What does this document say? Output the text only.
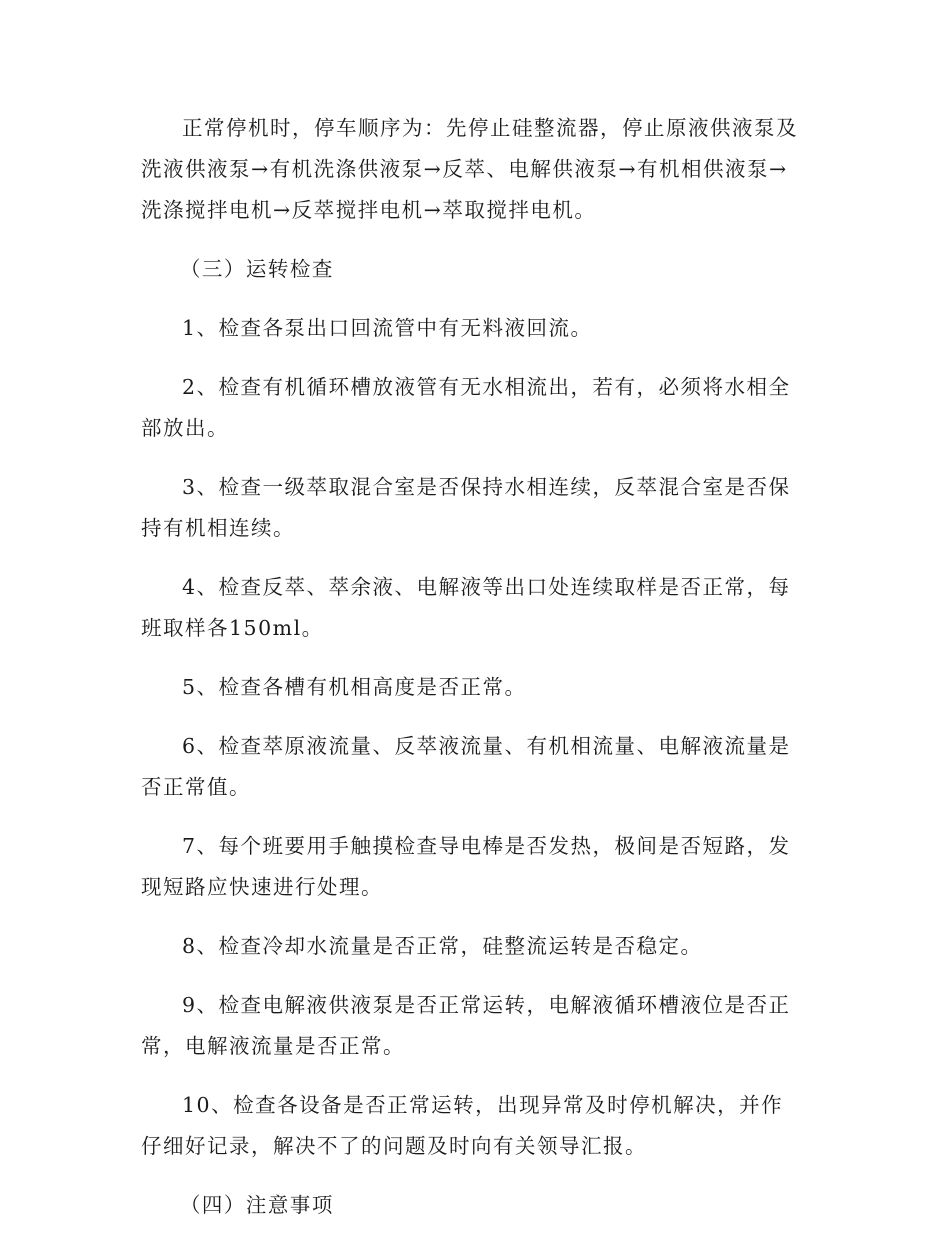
正常停机时，停车顺序为：先停止硅整流器，停止原液供液泵及洗液供液泵→有机洗涤供液泵→反萃、电解供液泵→有机相供液泵→洗涤搅拌电机→反萃搅拌电机→萃取搅拌电机。

（三）运转检查

1、检查各泵出口回流管中有无料液回流。

2、检查有机循环槽放液管有无水相流出，若有，必须将水相全部放出。

3、检查一级萃取混合室是否保持水相连续，反萃混合室是否保持有机相连续。

4、检查反萃、萃余液、电解液等出口处连续取样是否正常，每班取样各150ml。

5、检查各槽有机相高度是否正常。

6、检查萃原液流量、反萃液流量、有机相流量、电解液流量是否正常值。

7、每个班要用手触摸检查导电棒是否发热，极间是否短路，发现短路应快速进行处理。

8、检查冷却水流量是否正常，硅整流运转是否稳定。

9、检查电解液供液泵是否正常运转，电解液循环槽液位是否正常，电解液流量是否正常。

10、检查各设备是否正常运转，出现异常及时停机解决，并作仔细好记录，解决不了的问题及时向有关领导汇报。

（四）注意事项
